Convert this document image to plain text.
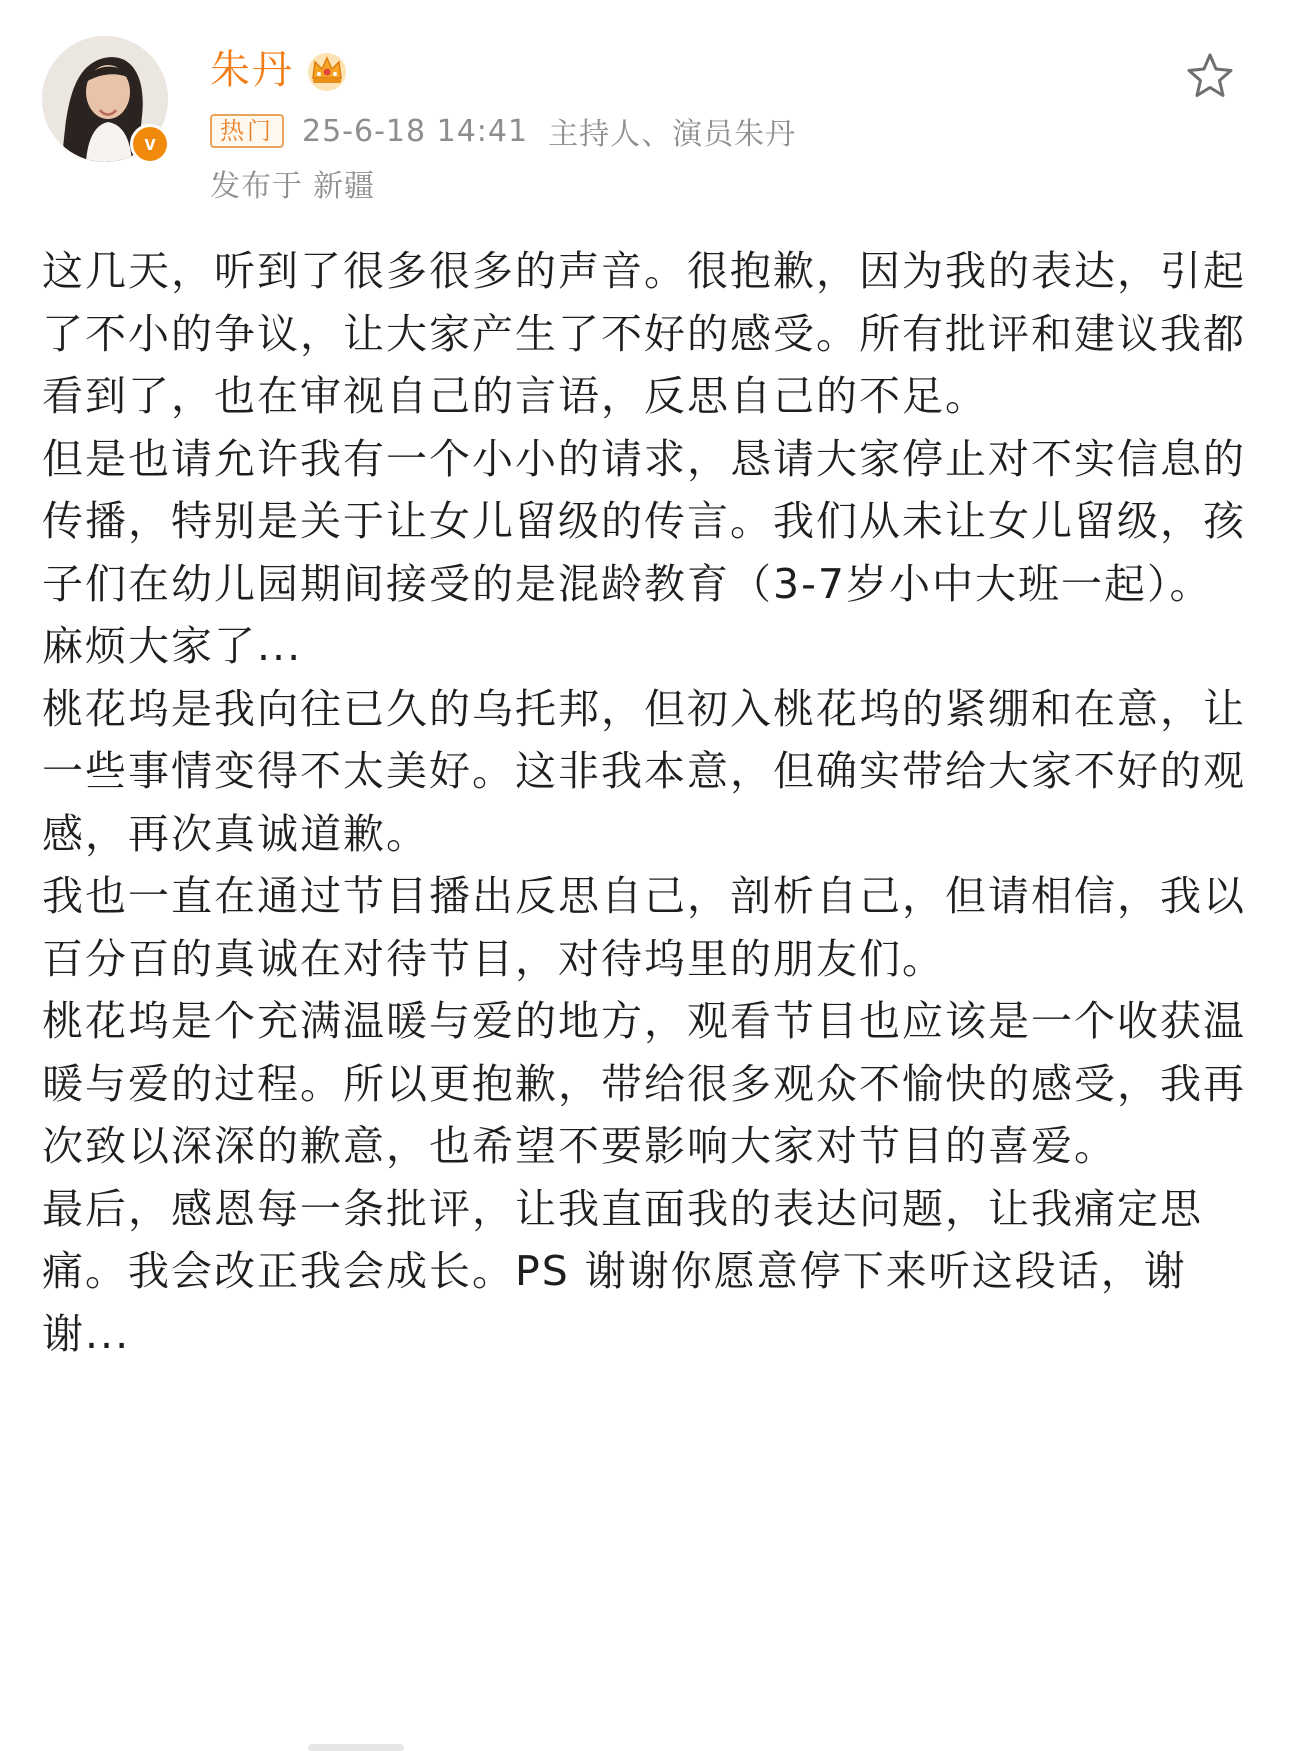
v
朱丹
热门 25-6-18 14:41 主持人、演员朱丹
发布于 新疆

这几天，听到了很多很多的声音。很抱歉，因为我的表达，引起了不小的争议，让大家产生了不好的感受。所有批评和建议我都看到了，也在审视自己的言语，反思自己的不足。

但是也请允许我有一个小小的请求，恳请大家停止对不实信息的传播，特别是关于让女儿留级的传言。我们从未让女儿留级，孩子们在幼儿园期间接受的是混龄教育（3-7岁小中大班一起）。麻烦大家了...

桃花坞是我向往已久的乌托邦，但初入桃花坞的紧绷和在意，让一些事情变得不太美好。这非我本意，但确实带给大家不好的观感，再次真诚道歉。

我也一直在通过节目播出反思自己，剖析自己，但请相信，我以百分百的真诚在对待节目，对待坞里的朋友们。

桃花坞是个充满温暖与爱的地方，观看节目也应该是一个收获温暖与爱的过程。所以更抱歉，带给很多观众不愉快的感受，我再次致以深深的歉意，也希望不要影响大家对节目的喜爱。

最后，感恩每一条批评，让我直面我的表达问题，让我痛定思痛。我会改正我会成长。PS 谢谢你愿意停下来听这段话，谢谢...
